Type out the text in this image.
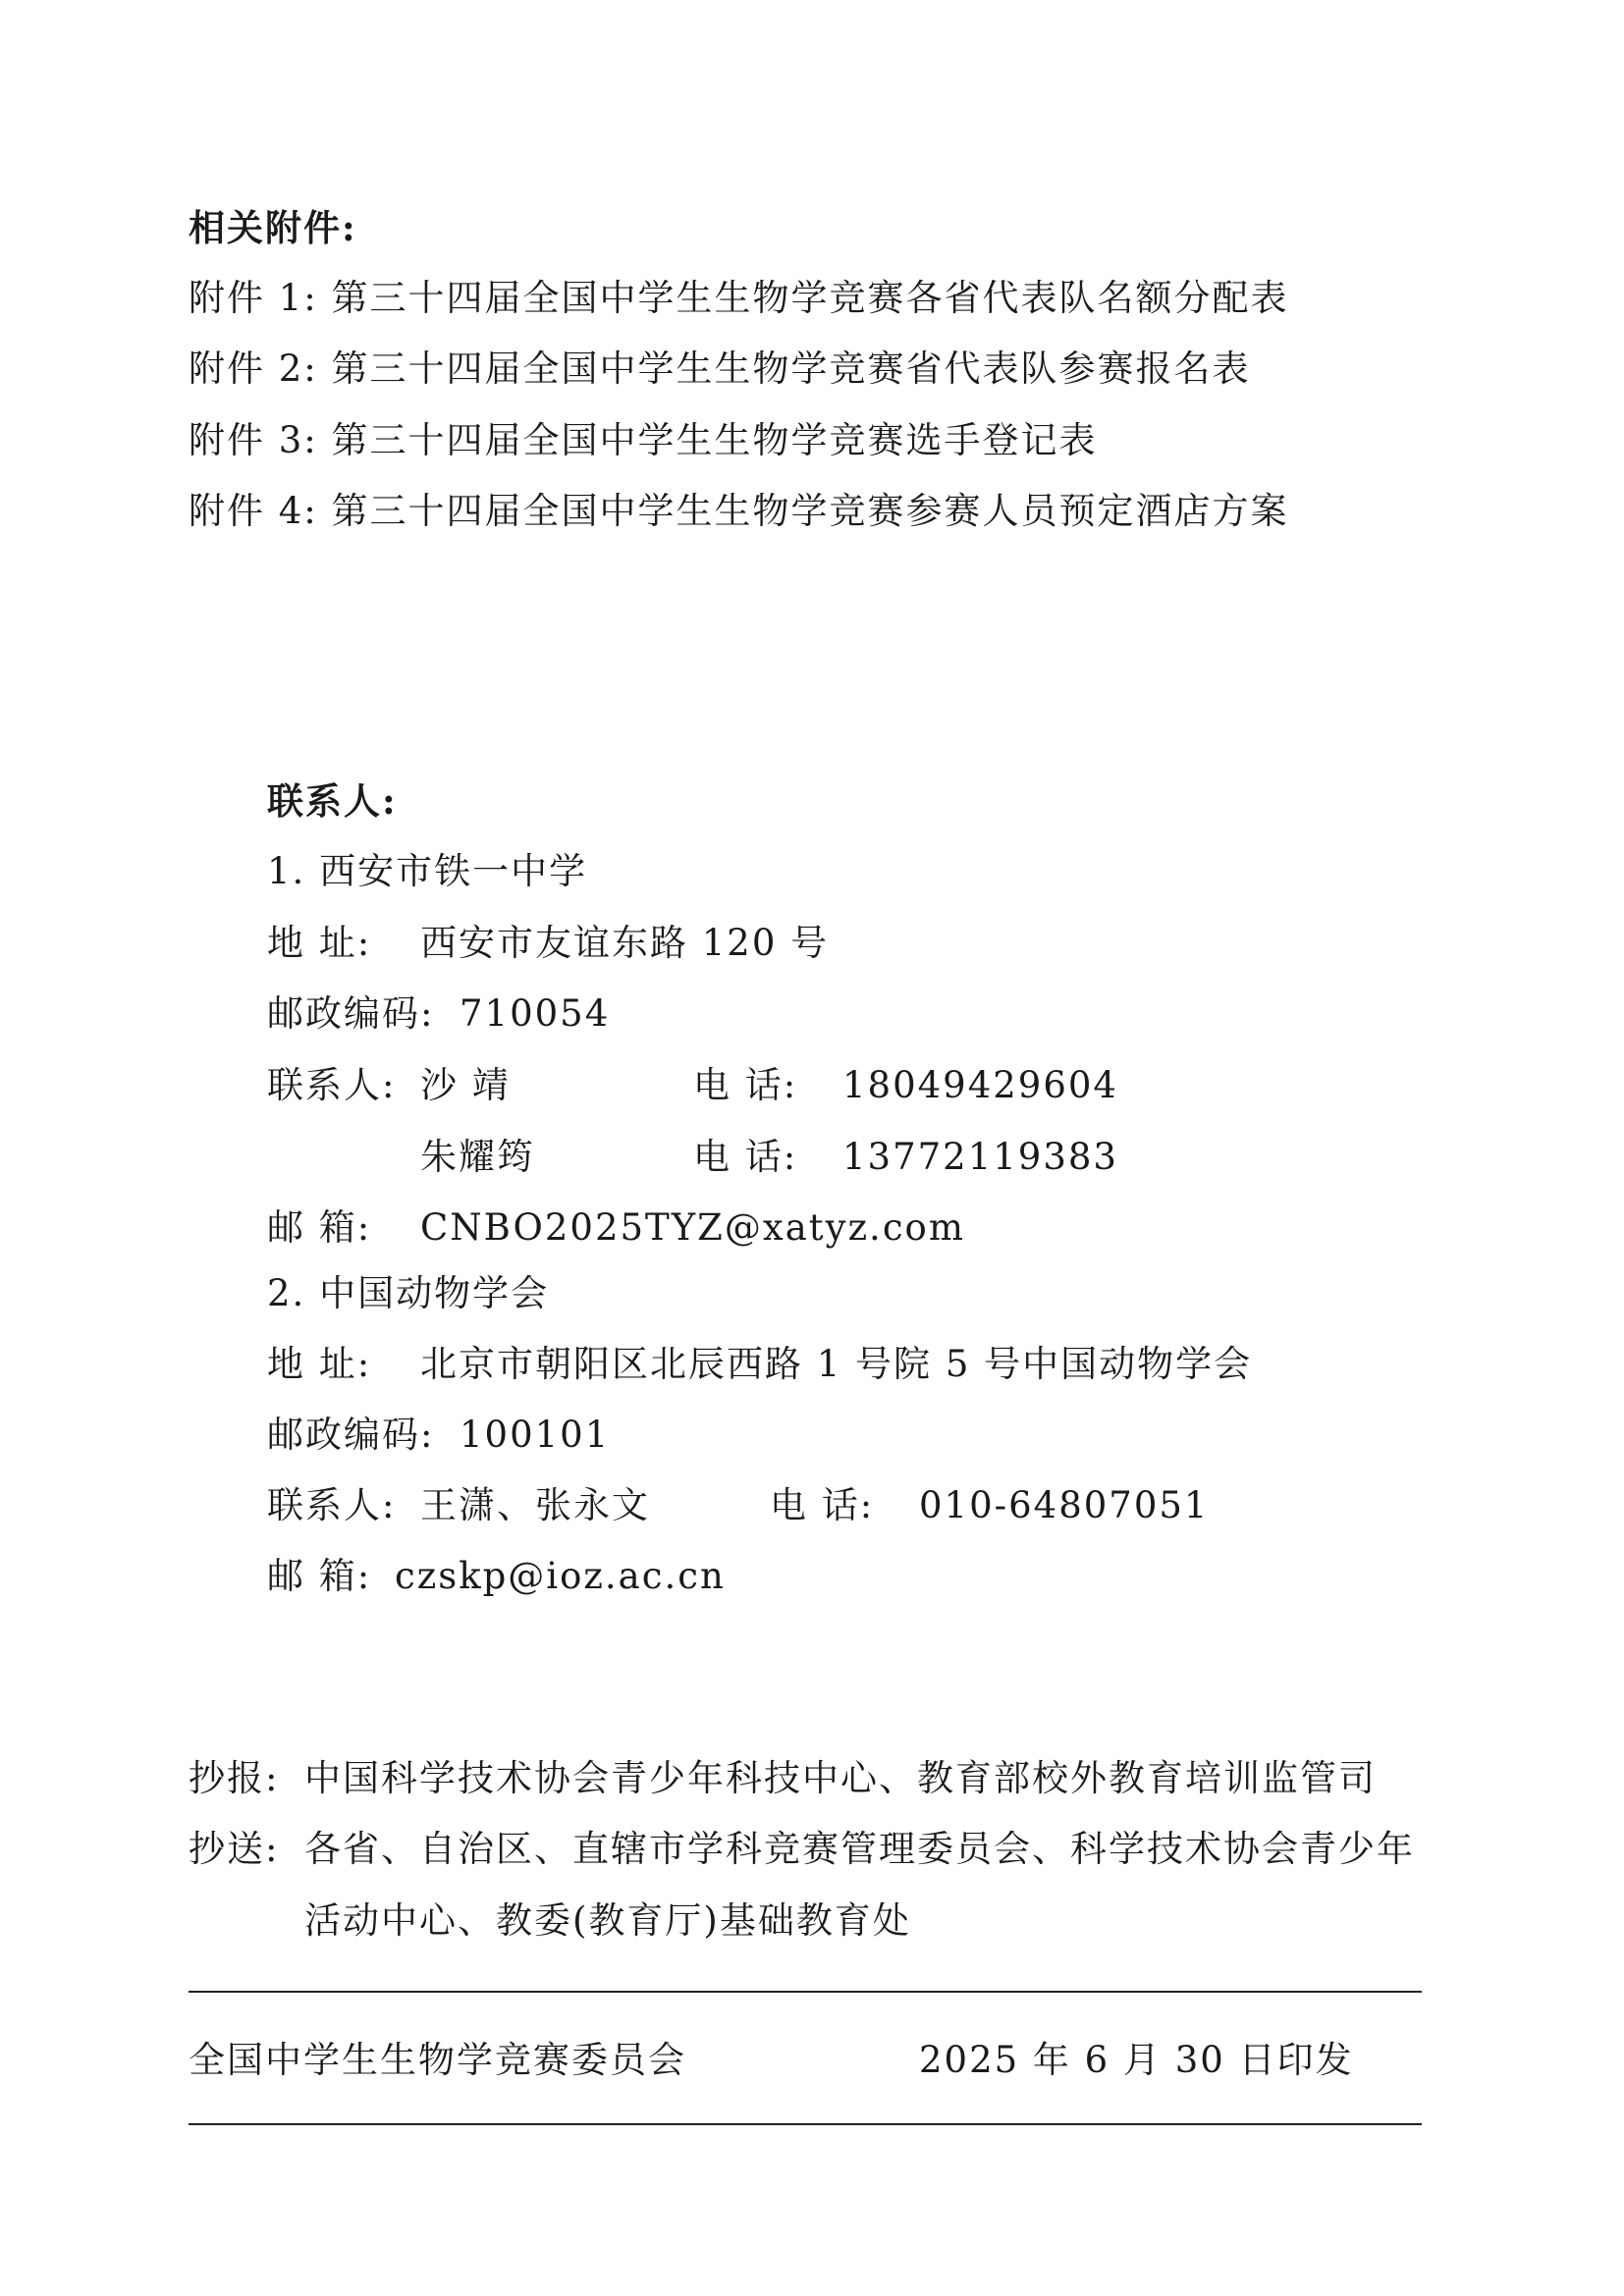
相关附件:
附件 1: 第三十四届全国中学生生物学竞赛各省代表队名额分配表
附件 2: 第三十四届全国中学生生物学竞赛省代表队参赛报名表
附件 3: 第三十四届全国中学生生物学竞赛选手登记表
附件 4: 第三十四届全国中学生生物学竞赛参赛人员预定酒店方案
联系人:
1. 西安市铁一中学
地 址: 西安市友谊东路 120 号
邮政编码: 710054
联系人: 沙 靖	电 话: 18049429604
朱耀筠	电 话: 13772119383
邮 箱: CNBO2025TYZ@xatyz.com
2. 中国动物学会
地 址: 北京市朝阳区北辰西路 1 号院 5 号中国动物学会
邮政编码: 100101
联系人: 王潇、张永文	电 话: 010-64807051
邮 箱: czskp@ioz.ac.cn
抄报: 中国科学技术协会青少年科技中心、教育部校外教育培训监管司
抄送: 各省、自治区、直辖市学科竞赛管理委员会、科学技术协会青少年
活动中心、教委(教育厅)基础教育处
全国中学生生物学竞赛委员会	2025 年 6 月 30 日印发
